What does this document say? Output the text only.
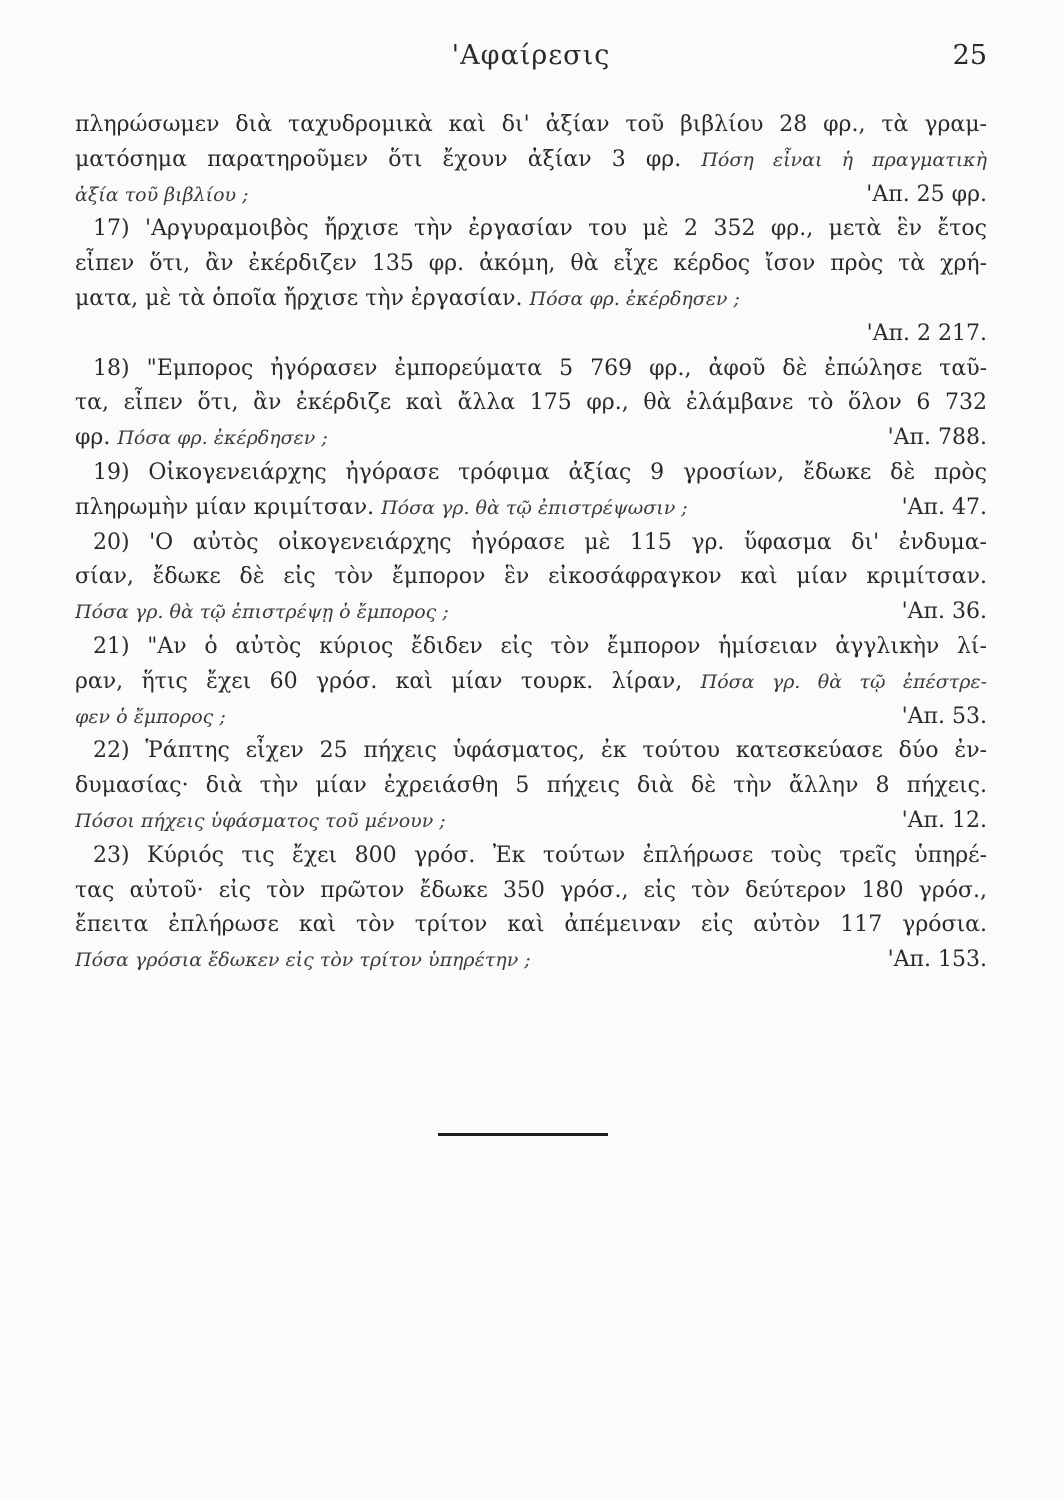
'Αφαίρεσις	25
πληρώσωμεν διὰ ταχυδρομικὰ καὶ δι' ἀξίαν τοῦ βιβλίου 28 φρ., τὰ γραμ-
ματόσημα παρατηροῦμεν ὅτι ἔχουν ἀξίαν 3 φρ. Πόση εἶναι ἡ πραγματικὴ
ἀξία τοῦ βιβλίου ;	'Απ. 25 φρ.
17) 'Αργυραμοιβὸς ἤρχισε τὴν ἐργασίαν του μὲ 2 352 φρ., μετὰ ἓν ἔτος
εἶπεν ὅτι, ἂν ἐκέρδιζεν 135 φρ. ἀκόμη, θὰ εἶχε κέρδος ἴσον πρὸς τὰ χρή-
ματα, μὲ τὰ ὁποῖα ἤρχισε τὴν ἐργασίαν. Πόσα φρ. ἐκέρδησεν ;
'Απ. 2 217.
18) "Εμπορος ἠγόρασεν ἐμπορεύματα 5 769 φρ., ἀφοῦ δὲ ἐπώλησε ταῦ-
τα, εἶπεν ὅτι, ἂν ἐκέρδιζε καὶ ἄλλα 175 φρ., θὰ ἐλάμβανε τὸ ὅλον 6 732
φρ. Πόσα φρ. ἐκέρδησεν ;	'Απ. 788.
19) Οἰκογενειάρχης ἠγόρασε τρόφιμα ἀξίας 9 γροσίων, ἔδωκε δὲ πρὸς
πληρωμὴν μίαν κριμίτσαν. Πόσα γρ. θὰ τῷ ἐπιστρέψωσιν ;	'Απ. 47.
20) 'Ο αὐτὸς οἰκογενειάρχης ἠγόρασε μὲ 115 γρ. ὕφασμα δι' ἐνδυμα-
σίαν, ἔδωκε δὲ εἰς τὸν ἔμπορον ἓν εἰκοσάφραγκον καὶ μίαν κριμίτσαν.
Πόσα γρ. θὰ τῷ ἐπιστρέψῃ ὁ ἔμπορος ;	'Απ. 36.
21) "Αν ὁ αὐτὸς κύριος ἔδιδεν εἰς τὸν ἔμπορον ἡμίσειαν ἀγγλικὴν λί-
ραν, ἥτις ἔχει 60 γρόσ. καὶ μίαν τουρκ. λίραν, Πόσα γρ. θὰ τῷ ἐπέστρε-
φεν ὁ ἔμπορος ;	'Απ. 53.
22) Ῥάπτης εἶχεν 25 πήχεις ὑφάσματος, ἐκ τούτου κατεσκεύασε δύο ἐν-
δυμασίας· διὰ τὴν μίαν ἐχρειάσθη 5 πήχεις διὰ δὲ τὴν ἄλλην 8 πήχεις.
Πόσοι πήχεις ὑφάσματος τοῦ μένουν ;	'Απ. 12.
23) Κύριός τις ἔχει 800 γρόσ. Ἐκ τούτων ἐπλήρωσε τοὺς τρεῖς ὑπηρέ-
τας αὐτοῦ· εἰς τὸν πρῶτον ἔδωκε 350 γρόσ., εἰς τὸν δεύτερον 180 γρόσ.,
ἔπειτα ἐπλήρωσε καὶ τὸν τρίτον καὶ ἀπέμειναν εἰς αὐτὸν 117 γρόσια.
Πόσα γρόσια ἔδωκεν εἰς τὸν τρίτον ὑπηρέτην ;	'Απ. 153.
